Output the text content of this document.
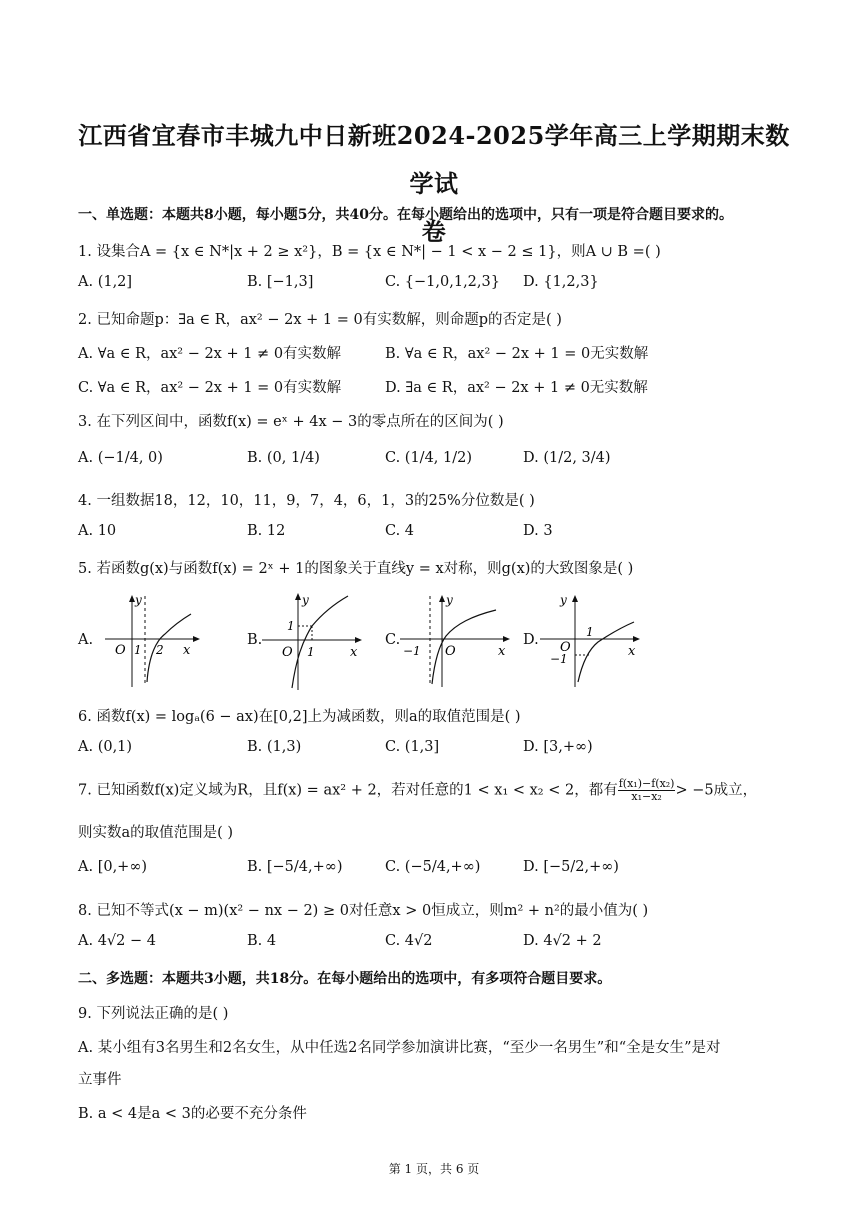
江西省宜春市丰城九中日新班2024-2025学年高三上学期期末数学试
卷
一、单选题：本题共8小题，每小题5分，共40分。在每小题给出的选项中，只有一项是符合题目要求的。
1. 设集合A = {x ∈ N*|x + 2 ≥ x²}，B = {x ∈ N*| − 1 < x − 2 ≤ 1}，则A ∪ B =( )
A. (1,2]	B. [−1,3]	C. {−1,0,1,2,3} D. {1,2,3}
2. 已知命题p：∃a ∈ R，ax² − 2x + 1 = 0有实数解，则命题p的否定是( )
A. ∀a ∈ R，ax² − 2x + 1 ≠ 0有实数解	B. ∀a ∈ R，ax² − 2x + 1 = 0无实数解
C. ∀a ∈ R，ax² − 2x + 1 = 0有实数解	D. ∃a ∈ R，ax² − 2x + 1 ≠ 0无实数解
3. 在下列区间中，函数f(x) = eˣ + 4x − 3的零点所在的区间为( )
A. (−1/4, 0)	B. (0, 1/4)	C. (1/4, 1/2)	D. (1/2, 3/4)
4. 一组数据18，12，10，11，9，7，4，6，1，3的25%分位数是( )
A. 10	B. 12	C. 4	D. 3
5. 若函数g(x)与函数f(x) = 2ˣ + 1的图象关于直线y = x对称，则g(x)的大致图象是( )
A.
y
O 1 2 x
B.
y
1
O 1	x
C.
y
−1 O	x
D.
y
1
O
−1	x
6. 函数f(x) = logₐ(6 − ax)在[0,2]上为减函数，则a的取值范围是( )
A. (0,1)	B. (1,3)	C. (1,3]	D. [3,+∞)
7. 已知函数f(x)定义域为R，且f(x) = ax² + 2，若对任意的1 < x₁ < x₂ < 2，都有 $\frac{\text{f(x₁)−f(x₂)}}{\text{x₁−x₂}} > -5$成立，
则实数a的取值范围是( )
A. [0,+∞)	B. [−5/4,+∞)	C. (−5/4,+∞)	D. [−5/2,+∞)
8. 已知不等式(x − m)(x² − nx − 2) ≥ 0对任意x > 0恒成立，则m² + n²的最小值为( )
A. 4√2 − 4	B. 4	C. 4√2	D. 4√2 + 2
二、多选题：本题共3小题，共18分。在每小题给出的选项中，有多项符合题目要求。
9. 下列说法正确的是( )
A. 某小组有3名男生和2名女生，从中任选2名同学参加演讲比赛，“至少一名男生”和“全是女生”是对
立事件
B. a < 4是a < 3的必要不充分条件
第 1 页，共 6 页
